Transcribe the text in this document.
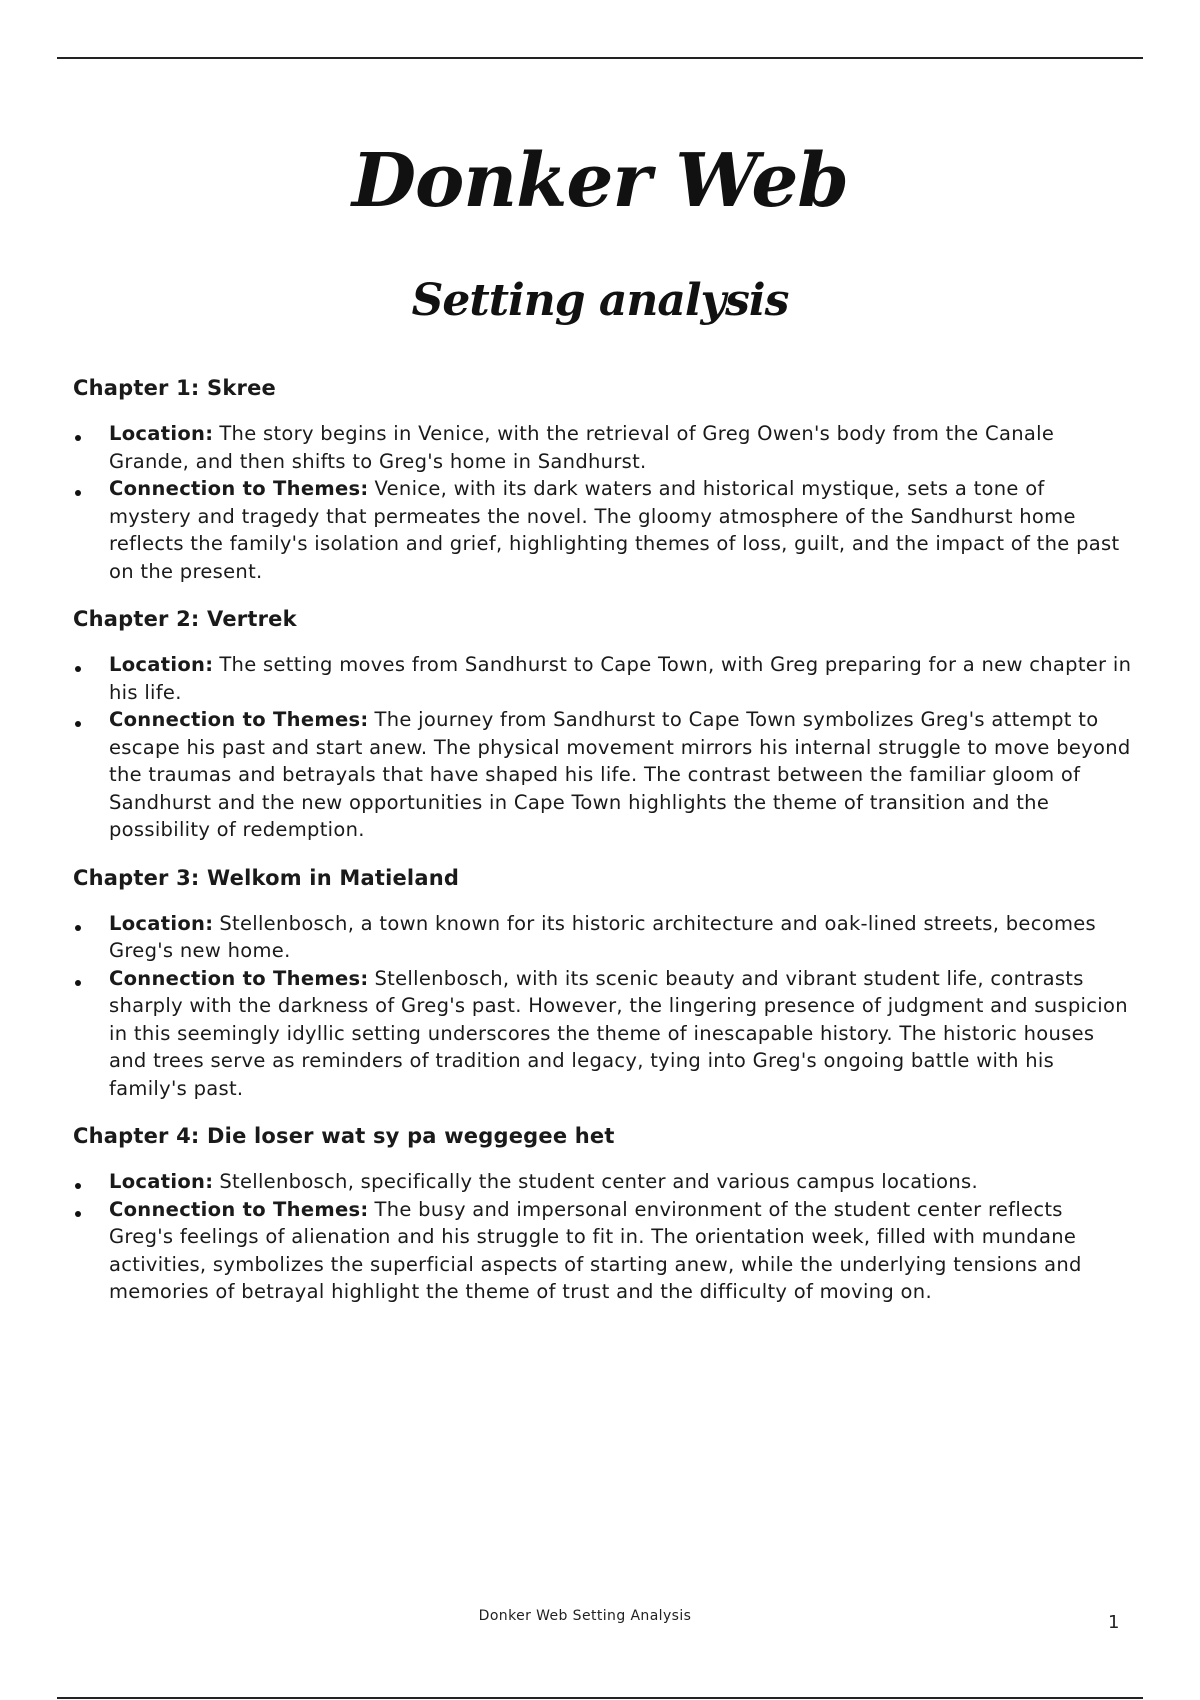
Donker Web
Setting analysis
Chapter 1: Skree
Location: The story begins in Venice, with the retrieval of Greg Owen's body from the Canale Grande, and then shifts to Greg's home in Sandhurst.
Connection to Themes: Venice, with its dark waters and historical mystique, sets a tone of mystery and tragedy that permeates the novel. The gloomy atmosphere of the Sandhurst home reflects the family's isolation and grief, highlighting themes of loss, guilt, and the impact of the past on the present.
Chapter 2: Vertrek
Location: The setting moves from Sandhurst to Cape Town, with Greg preparing for a new chapter in his life.
Connection to Themes: The journey from Sandhurst to Cape Town symbolizes Greg's attempt to escape his past and start anew. The physical movement mirrors his internal struggle to move beyond the traumas and betrayals that have shaped his life. The contrast between the familiar gloom of Sandhurst and the new opportunities in Cape Town highlights the theme of transition and the possibility of redemption.
Chapter 3: Welkom in Matieland
Location: Stellenbosch, a town known for its historic architecture and oak-lined streets, becomes Greg's new home.
Connection to Themes: Stellenbosch, with its scenic beauty and vibrant student life, contrasts sharply with the darkness of Greg's past. However, the lingering presence of judgment and suspicion in this seemingly idyllic setting underscores the theme of inescapable history. The historic houses and trees serve as reminders of tradition and legacy, tying into Greg's ongoing battle with his family's past.
Chapter 4: Die loser wat sy pa weggegee het
Location: Stellenbosch, specifically the student center and various campus locations.
Connection to Themes: The busy and impersonal environment of the student center reflects Greg's feelings of alienation and his struggle to fit in. The orientation week, filled with mundane activities, symbolizes the superficial aspects of starting anew, while the underlying tensions and memories of betrayal highlight the theme of trust and the difficulty of moving on.
Donker Web Setting Analysis	1
